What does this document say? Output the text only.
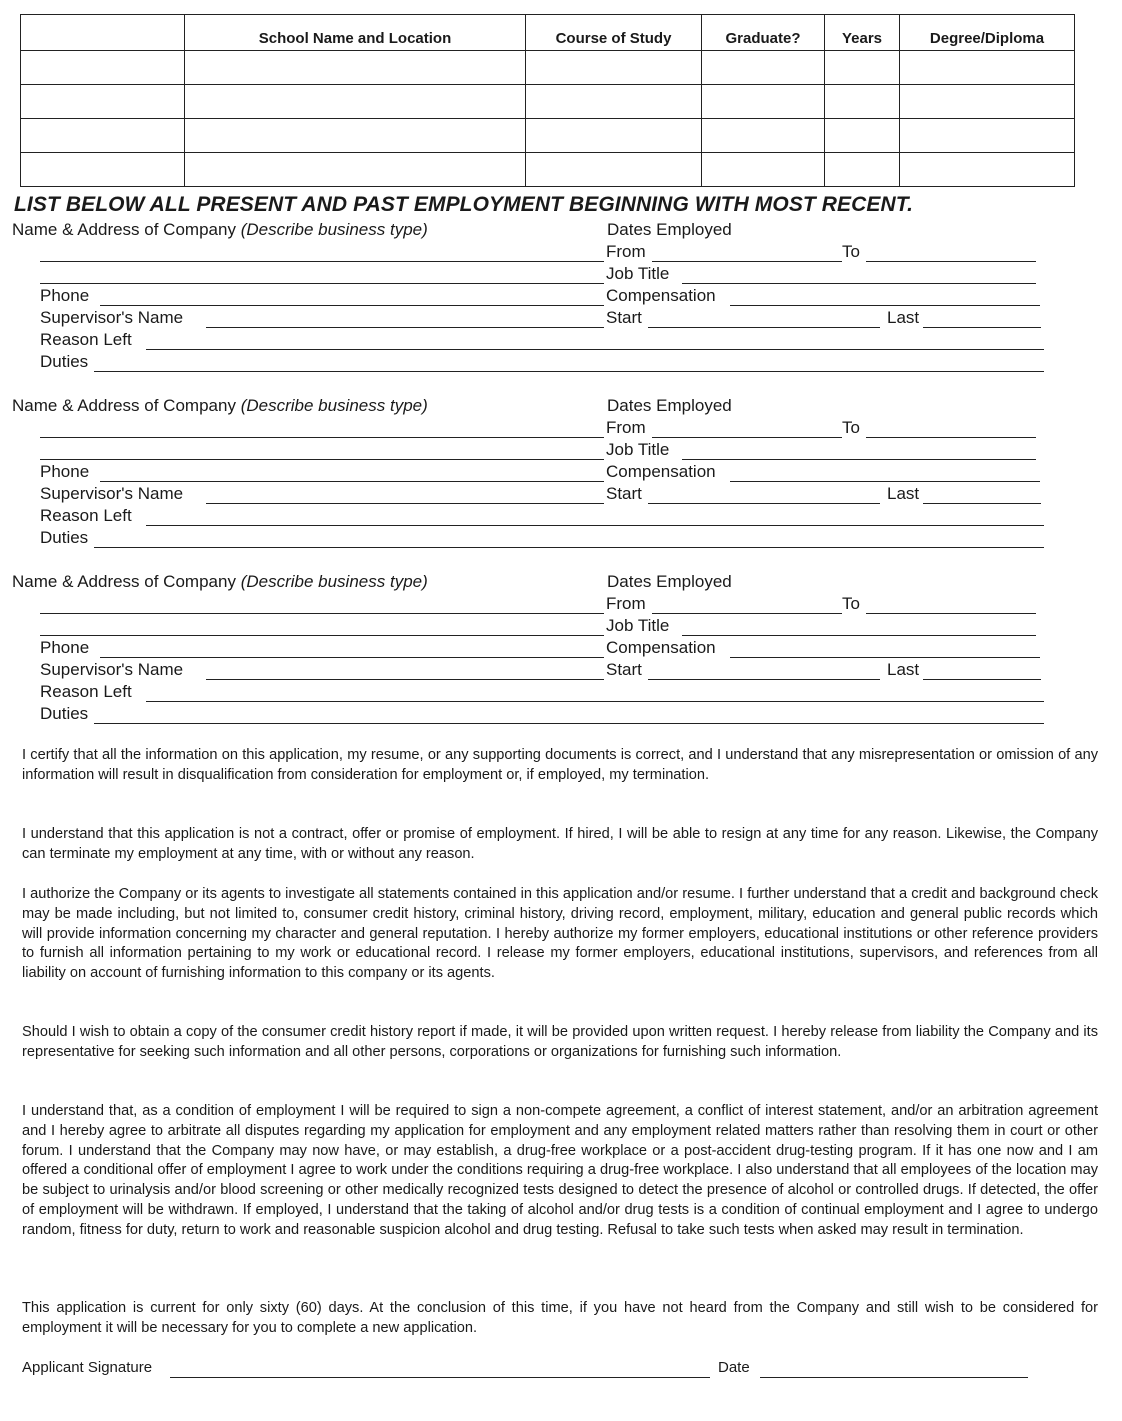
	School Name and Location	Course of Study	Graduate?	Years	Degree/Diploma

LIST BELOW ALL PRESENT AND PAST EMPLOYMENT BEGINNING WITH MOST RECENT.
Name & Address of Company (Describe business type)	Dates Employed
From	To
Job Title
Phone	Compensation
Supervisor's Name	Start	Last
Reason Left
Duties
Name & Address of Company (Describe business type)	Dates Employed
From	To
Job Title
Phone	Compensation
Supervisor's Name	Start	Last
Reason Left
Duties
Name & Address of Company (Describe business type)	Dates Employed
From	To
Job Title
Phone	Compensation
Supervisor's Name	Start	Last
Reason Left
Duties

I certify that all the information on this application, my resume, or any supporting documents is correct, and I understand that any misrepresentation or omission of any information will result in disqualification from consideration for employment or, if employed, my termination.

I understand that this application is not a contract, offer or promise of employment. If hired, I will be able to resign at any time for any reason. Likewise, the Company can terminate my employment at any time, with or without any reason.

I authorize the Company or its agents to investigate all statements contained in this application and/or resume. I further understand that a credit and background check may be made including, but not limited to, consumer credit history, criminal history, driving record, employment, military, education and general public records which will provide information concerning my character and general reputation. I hereby authorize my former employers, educational institutions or other reference providers to furnish all information pertaining to my work or educational record. I release my former employers, educational institutions, supervisors, and references from all liability on account of furnishing information to this company or its agents.

Should I wish to obtain a copy of the consumer credit history report if made, it will be provided upon written request. I hereby release from liability the Company and its representative for seeking such information and all other persons, corporations or organizations for furnishing such information.

I understand that, as a condition of employment I will be required to sign a non-compete agreement, a conflict of interest statement, and/or an arbitration agreement and I hereby agree to arbitrate all disputes regarding my application for employment and any employment related matters rather than resolving them in court or other forum. I understand that the Company may now have, or may establish, a drug-free workplace or a post-accident drug-testing program. If it has one now and I am offered a conditional offer of employment I agree to work under the conditions requiring a drug-free workplace. I also understand that all employees of the location may be subject to urinalysis and/or blood screening or other medically recognized tests designed to detect the presence of alcohol or controlled drugs. If detected, the offer of employment will be withdrawn. If employed, I understand that the taking of alcohol and/or drug tests is a condition of continual employment and I agree to undergo random, fitness for duty, return to work and reasonable suspicion alcohol and drug testing. Refusal to take such tests when asked may result in termination.

This application is current for only sixty (60) days. At the conclusion of this time, if you have not heard from the Company and still wish to be considered for employment it will be necessary for you to complete a new application.

Applicant Signature	Date
